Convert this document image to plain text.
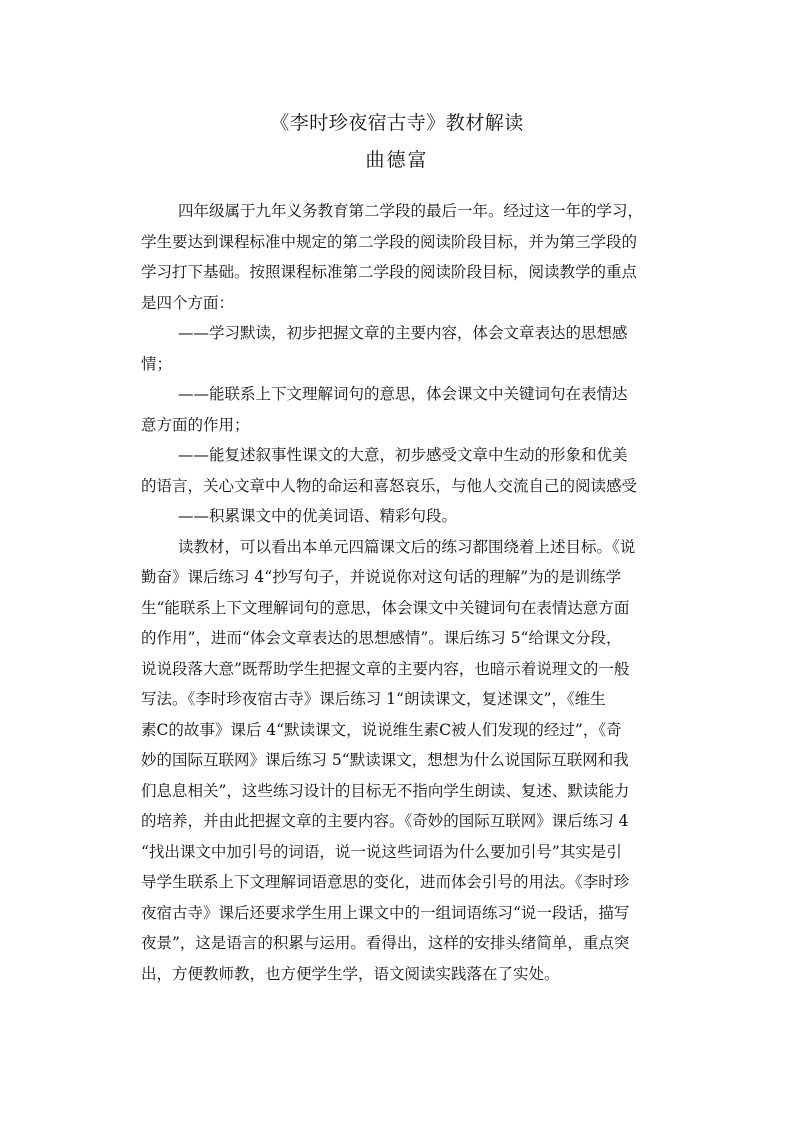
《李时珍夜宿古寺》教材解读
曲德富
四年级属于九年义务教育第二学段的最后一年。经过这一年的学习，
学生要达到课程标准中规定的第二学段的阅读阶段目标，并为第三学段的
学习打下基础。按照课程标准第二学段的阅读阶段目标，阅读教学的重点
是四个方面：
——学习默读，初步把握文章的主要内容，体会文章表达的思想感
情；
——能联系上下文理解词句的意思，体会课文中关键词句在表情达
意方面的作用；
——能复述叙事性课文的大意，初步感受文章中生动的形象和优美
的语言，关心文章中人物的命运和喜怒哀乐，与他人交流自己的阅读感受
——积累课文中的优美词语、精彩句段。
读教材，可以看出本单元四篇课文后的练习都围绕着上述目标。《说
勤奋》课后练习 4“抄写句子，并说说你对这句话的理解”为的是训练学
生“能联系上下文理解词句的意思，体会课文中关键词句在表情达意方面
的作用”，进而“体会文章表达的思想感情”。课后练习 5“给课文分段，
说说段落大意”既帮助学生把握文章的主要内容，也暗示着说理文的一般
写法。《李时珍夜宿古寺》课后练习 1“朗读课文，复述课文”，《维生
素C的故事》课后 4“默读课文，说说维生素C被人们发现的经过”，《奇
妙的国际互联网》课后练习 5“默读课文，想想为什么说国际互联网和我
们息息相关”，这些练习设计的目标无不指向学生朗读、复述、默读能力
的培养，并由此把握文章的主要内容。《奇妙的国际互联网》课后练习 4
“找出课文中加引号的词语，说一说这些词语为什么要加引号”其实是引
导学生联系上下文理解词语意思的变化，进而体会引号的用法。《李时珍
夜宿古寺》课后还要求学生用上课文中的一组词语练习“说一段话，描写
夜景”，这是语言的积累与运用。看得出，这样的安排头绪简单，重点突
出，方便教师教，也方便学生学，语文阅读实践落在了实处。
